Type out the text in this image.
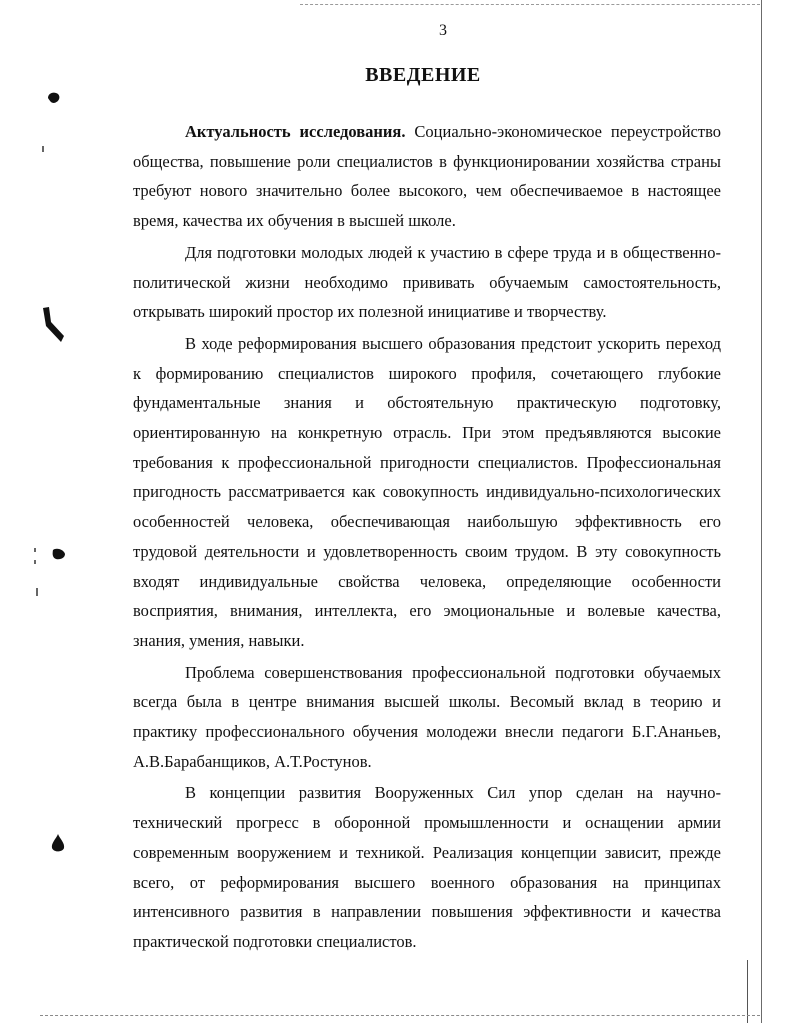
3
ВВЕДЕНИЕ

Актуальность исследования. Социально-экономическое переустройство общества, повышение роли специалистов в функционировании хозяйства страны требуют нового значительно более высокого, чем обеспечиваемое в настоящее время, качества их обучения в высшей школе.

Для подготовки молодых людей к участию в сфере труда и в общественно-политической жизни необходимо прививать обучаемым самостоятельность, открывать широкий простор их полезной инициативе и творчеству.

В ходе реформирования высшего образования предстоит ускорить переход к формированию специалистов широкого профиля, сочетающего глубокие фундаментальные знания и обстоятельную практическую подготовку, ориентированную на конкретную отрасль. При этом предъявляются высокие требования к профессиональной пригодности специалистов. Профессиональная пригодность рассматривается как совокупность индивидуально-психологических особенностей человека, обеспечивающая наибольшую эффективность его трудовой деятельности и удовлетворенность своим трудом. В эту совокупность входят индивидуальные свойства человека, определяющие особенности восприятия, внимания, интеллекта, его эмоциональные и волевые качества, знания, умения, навыки.

Проблема совершенствования профессиональной подготовки обучаемых всегда была в центре внимания высшей школы. Весомый вклад в теорию и практику профессионального обучения молодежи внесли педагоги Б.Г.Ананьев, А.В.Барабанщиков, А.Т.Ростунов.

В концепции развития Вооруженных Сил упор сделан на научно-технический прогресс в оборонной промышленности и оснащении армии современным вооружением и техникой. Реализация концепции зависит, прежде всего, от реформирования высшего военного образования на принципах интенсивного развития в направлении повышения эффективности и качества практической подготовки специалистов.
